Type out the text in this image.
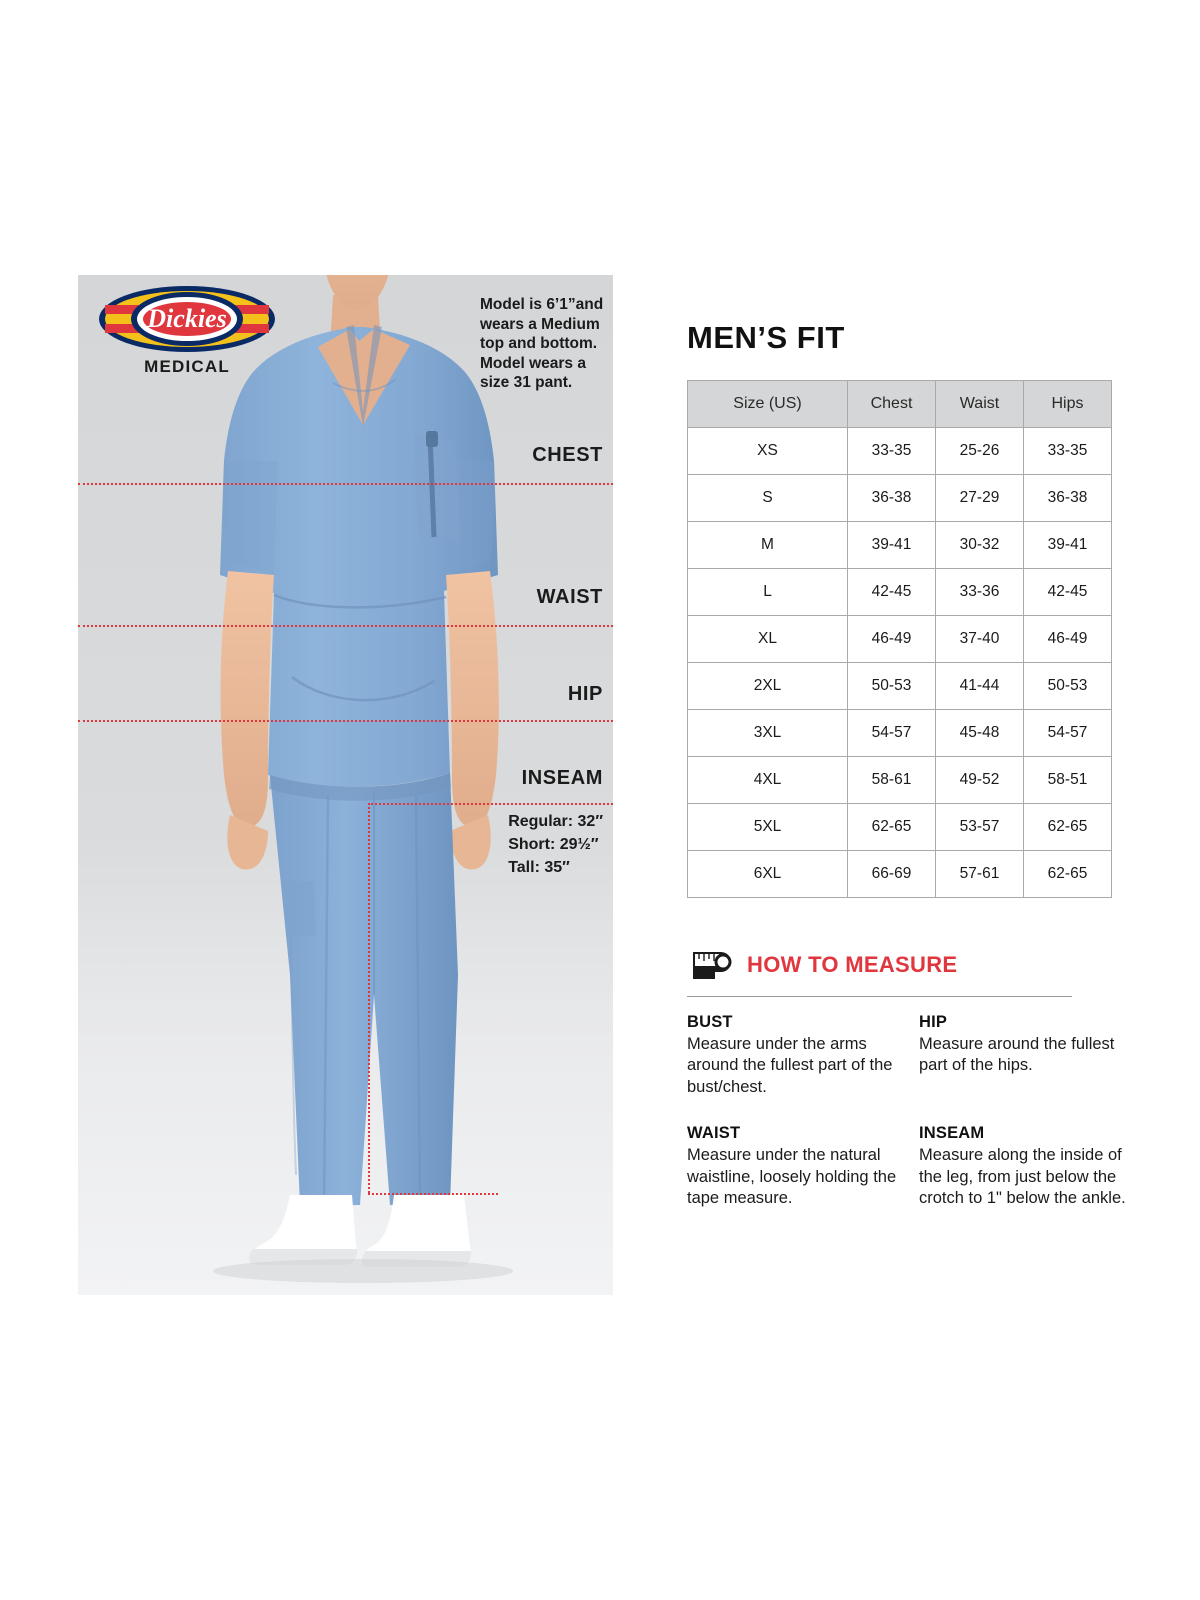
Dickies
MEDICAL
Model is 6’1”and wears a Medium top and bottom. Model wears a size 31 pant.
CHEST
WAIST
HIP
INSEAM
Regular: 32″
Short: 29½″
Tall: 35″
MEN’S FIT
Size (US)	Chest	Waist	Hips
XS	33-35	25-26	33-35
S	36-38	27-29	36-38
M	39-41	30-32	39-41
L	42-45	33-36	42-45
XL	46-49	37-40	46-49
2XL	50-53	41-44	50-53
3XL	54-57	45-48	54-57
4XL	58-61	49-52	58-51
5XL	62-65	53-57	62-65
6XL	66-69	57-61	62-65
HOW TO MEASURE
BUST
Measure under the arms around the fullest part of the bust/chest.
HIP
Measure around the fullest part of the hips.
WAIST
Measure under the natural waistline, loosely holding the tape measure.
INSEAM
Measure along the inside of the leg, from just below the crotch to 1" below the ankle.
